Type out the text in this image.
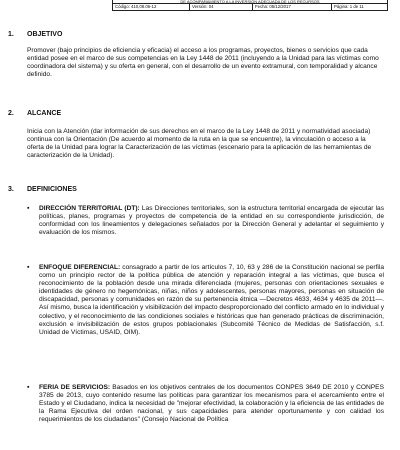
DE ACOMPAÑAMIENTO A LA INVERSIÓN ADECUADA DE LOS RECURSOS
Código: 410,08.06-12	Versión: 04	Fecha: 05/12/2017	Página: 1 de 11
1. OBJETIVO

Promover (bajo principios de eficiencia y eficacia) el acceso a los programas, proyectos, bienes o servicios que cada entidad posee en el marco de sus competencias en la Ley 1448 de 2011 (incluyendo a la Unidad para las víctimas como coordinadora del sistema) y su oferta en general, con el desarrollo de un evento extramural, con temporalidad y alcance definido.

2. ALCANCE

Inicia con la Atención (dar información de sus derechos en el marco de la Ley 1448 de 2011 y normatividad asociada) continua con la Orientación (De acuerdo al momento de la ruta en la que se encuentre), la vinculación o acceso a la oferta de la Unidad para lograr la Caracterización de las víctimas (escenario para la aplicación de las herramientas de caracterización de la Unidad).

3. DEFINICIONES
▪ DIRECCIÓN TERRITORIAL (DT): Las Direcciones territoriales, son la estructura territorial encargada de ejecutar las políticas, planes, programas y proyectos de competencia de la entidad en su correspondiente jurisdicción, de conformidad con los lineamientos y delegaciones señalados por la Dirección General y adelantar el seguimiento y evaluación de los mismos.
▪ ENFOQUE DIFERENCIAL: consagrado a partir de los artículos 7, 10, 63 y 286 de la Constitución nacional se perfila como un principio rector de la política pública de atención y reparación integral a las víctimas, que busca el reconocimiento de la población desde una mirada diferenciada (mujeres, personas con orientaciones sexuales e identidades de género no hegemónicas, niñas, niños y adolescentes, personas mayores, personas en situación de discapacidad, personas y comunidades en razón de su pertenencia étnica —Decretos 4633, 4634 y 4635 de 2011—. Así mismo, busca la identificación y visibilización del impacto desproporcionado del conflicto armado en lo individual y colectivo, y el reconocimiento de las condiciones sociales e históricas que han generado prácticas de discriminación, exclusión e invisibilización de estos grupos poblacionales (Subcomité Técnico de Medidas de Satisfacción, s.f. Unidad de Víctimas, USAID, OIM).
▪ FERIA DE SERVICIOS: Basados en los objetivos centrales de los documentos CONPES 3649 DE 2010 y CONPES 3785 de 2013, cuyo contenido resume las políticas para garantizar los mecanismos para el acercamiento entre el Estado y el Ciudadano, indica la necesidad de "mejorar efectividad, la colaboración y la eficiencia de las entidades de la Rama Ejecutiva del orden nacional, y sus capacidades para atender oportunamente y con calidad los requerimientos de los ciudadanos" (Consejo Nacional de Política
